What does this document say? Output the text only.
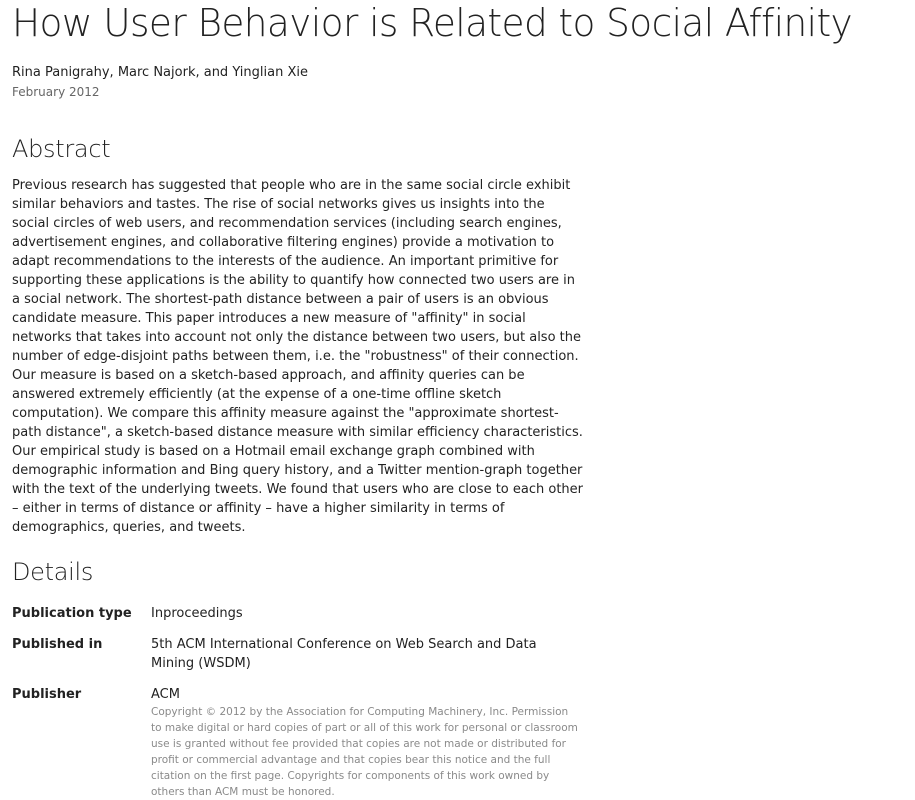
How User Behavior is Related to Social Affinity
Rina Panigrahy, Marc Najork, and Yinglian Xie
February 2012
Abstract

Previous research has suggested that people who are in the same social circle exhibit similar behaviors and tastes. The rise of social networks gives us insights into the social circles of web users, and recommendation services (including search engines, advertisement engines, and collaborative filtering engines) provide a motivation to adapt recommendations to the interests of the audience. An important primitive for supporting these applications is the ability to quantify how connected two users are in a social network. The shortest-path distance between a pair of users is an obvious candidate measure. This paper introduces a new measure of "affinity" in social networks that takes into account not only the distance between two users, but also the number of edge-disjoint paths between them, i.e. the "robustness" of their connection. Our measure is based on a sketch-based approach, and affinity queries can be answered extremely efficiently (at the expense of a one-time offline sketch computation). We compare this affinity measure against the "approximate shortest-path distance", a sketch-based distance measure with similar efficiency characteristics. Our empirical study is based on a Hotmail email exchange graph combined with demographic information and Bing query history, and a Twitter mention-graph together with the text of the underlying tweets. We found that users who are close to each other – either in terms of distance or affinity – have a higher similarity in terms of demographics, queries, and tweets.

Details
Publication type Inproceedings
Published in	5th ACM International Conference on Web Search and Data Mining (WSDM)
Publisher	ACM
Copyright © 2012 by the Association for Computing Machinery, Inc. Permission to make digital or hard copies of part or all of this work for personal or classroom use is granted without fee provided that copies are not made or distributed for profit or commercial advantage and that copies bear this notice and the full citation on the first page. Copyrights for components of this work owned by others than ACM must be honored.
